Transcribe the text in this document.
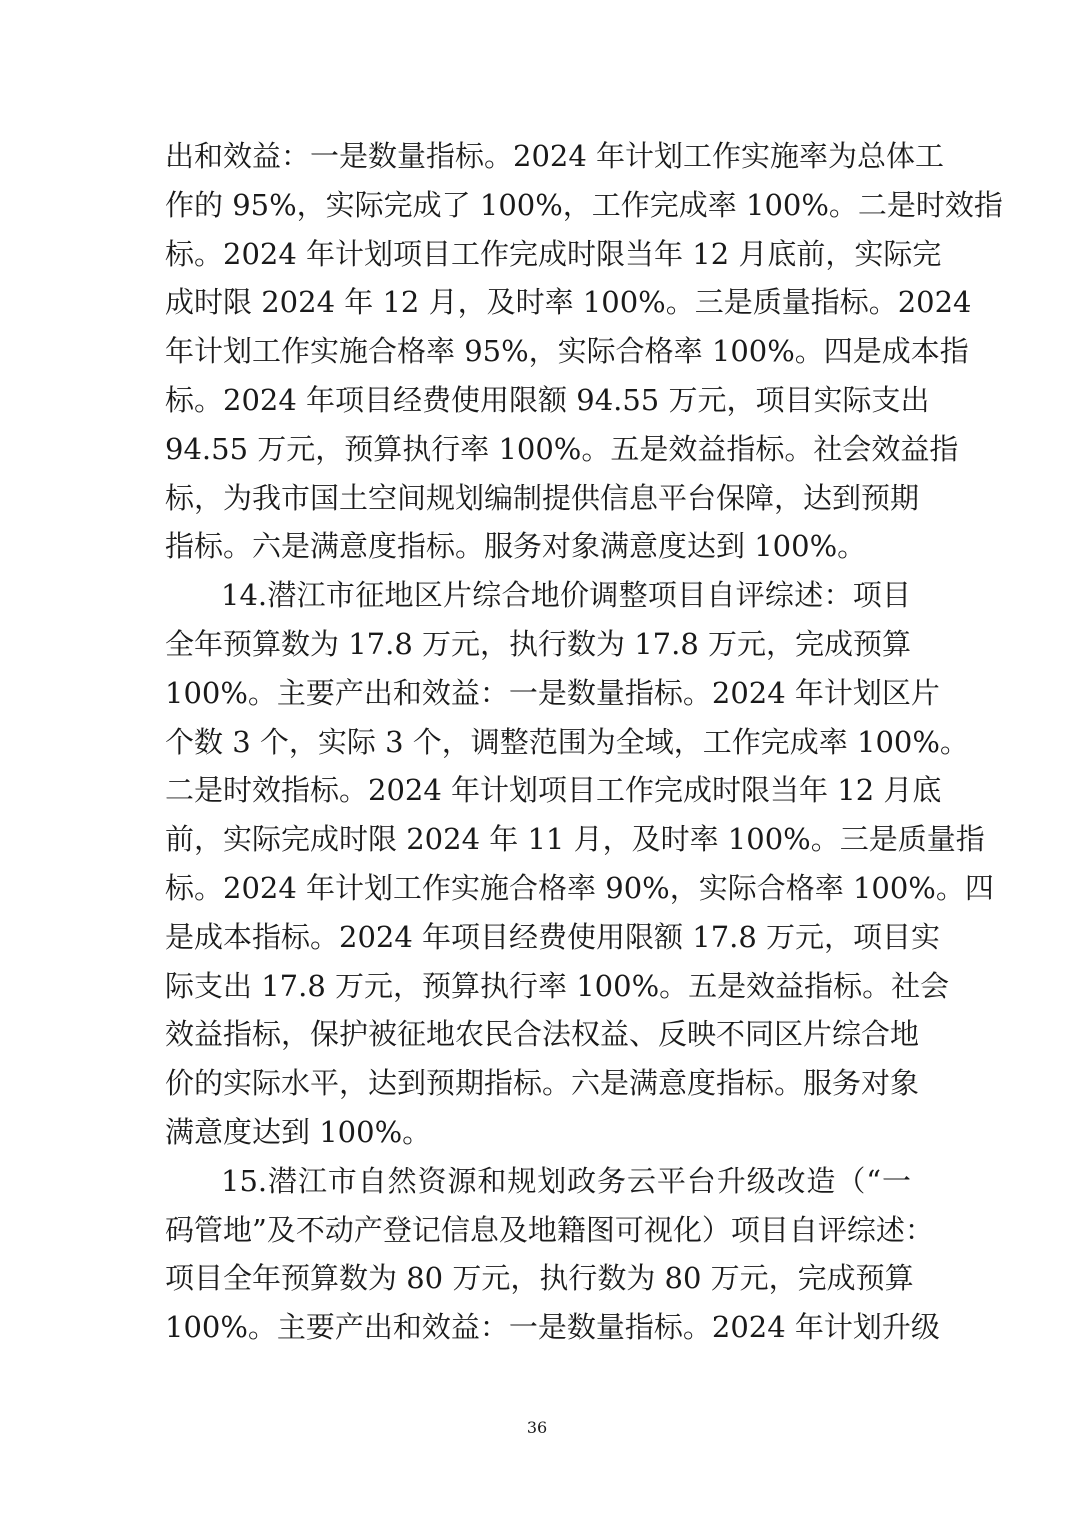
出和效益：一是数量指标。2024 年计划工作实施率为总体工
作的 95%，实际完成了 100%，工作完成率 100%。二是时效指
标。2024 年计划项目工作完成时限当年 12 月底前，实际完
成时限 2024 年 12 月，及时率 100%。三是质量指标。2024
年计划工作实施合格率 95%，实际合格率 100%。四是成本指
标。2024 年项目经费使用限额 94.55 万元，项目实际支出
94.55 万元，预算执行率 100%。五是效益指标。社会效益指
标，为我市国土空间规划编制提供信息平台保障，达到预期
指标。六是满意度指标。服务对象满意度达到 100%。
14.潜江市征地区片综合地价调整项目自评综述：项目
全年预算数为 17.8 万元，执行数为 17.8 万元，完成预算
100%。主要产出和效益：一是数量指标。2024 年计划区片
个数 3 个，实际 3 个，调整范围为全域，工作完成率 100%。
二是时效指标。2024 年计划项目工作完成时限当年 12 月底
前，实际完成时限 2024 年 11 月，及时率 100%。三是质量指
标。2024 年计划工作实施合格率 90%，实际合格率 100%。四
是成本指标。2024 年项目经费使用限额 17.8 万元，项目实
际支出 17.8 万元，预算执行率 100%。五是效益指标。社会
效益指标，保护被征地农民合法权益、反映不同区片综合地
价的实际水平，达到预期指标。六是满意度指标。服务对象
满意度达到 100%。
15.潜江市自然资源和规划政务云平台升级改造（“一
码管地”及不动产登记信息及地籍图可视化）项目自评综述：
项目全年预算数为 80 万元，执行数为 80 万元，完成预算
100%。主要产出和效益：一是数量指标。2024 年计划升级
36
